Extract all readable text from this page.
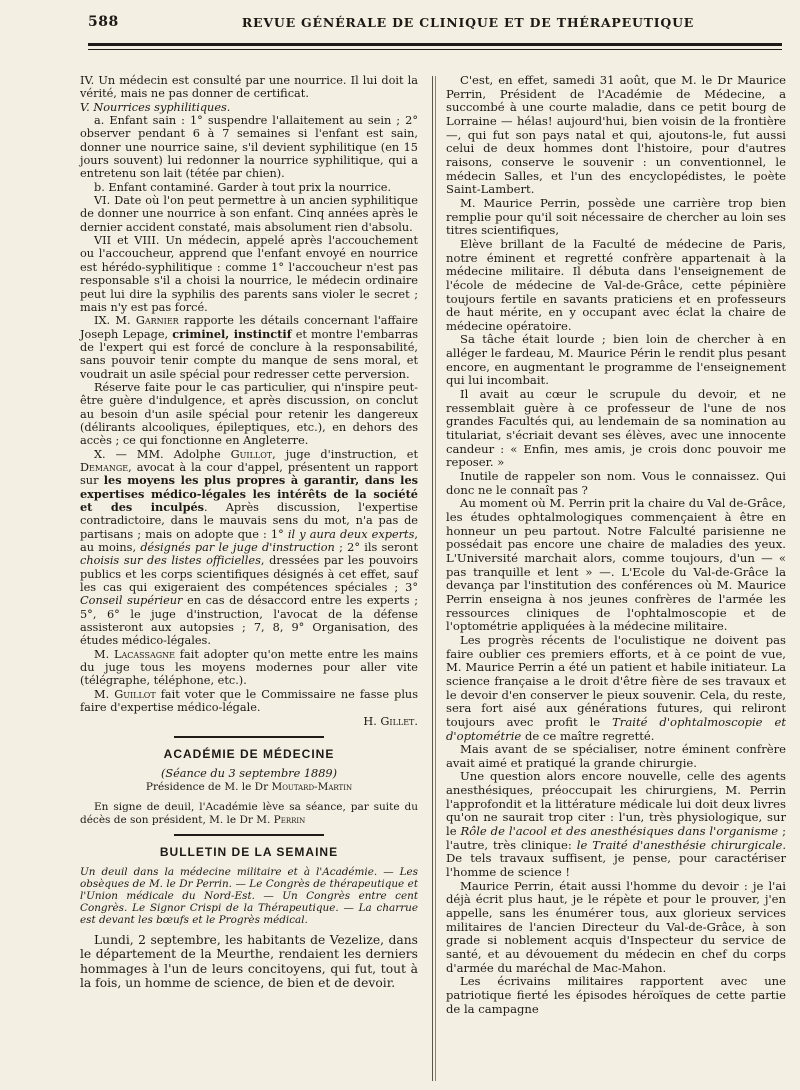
588	REVUE GÉNÉRALE DE CLINIQUE ET DE THÉRAPEUTIQUE

IV. Un médecin est consulté par une nourrice. Il lui doit la vérité, mais ne pas donner de certificat.

V. Nourrices syphilitiques.

a. Enfant sain : 1° suspendre l'allaitement au sein ; 2° observer pendant 6 à 7 semaines si l'enfant est sain, donner une nourrice saine, s'il devient syphilitique (en 15 jours souvent) lui redonner la nourrice syphilitique, qui a entretenu son lait (tétée par chien).

b. Enfant contaminé. Garder à tout prix la nourrice.

VI. Date où l'on peut permettre à un ancien syphilitique de donner une nourrice à son enfant. Cinq années après le dernier accident constaté, mais absolument rien d'absolu.

VII et VIII. Un médecin, appelé après l'accouchement ou l'accoucheur, apprend que l'enfant envoyé en nourrice est hérédo-syphilitique : comme 1° l'accoucheur n'est pas responsable s'il a choisi la nourrice, le médecin ordinaire peut lui dire la syphilis des parents sans violer le secret ; mais n'y est pas forcé.

IX. M. Garnier rapporte les détails concernant l'affaire Joseph Lepage, criminel, instinctif et montre l'embarras de l'expert qui est forcé de conclure à la responsabilité, sans pouvoir tenir compte du manque de sens moral, et voudrait un asile spécial pour redresser cette perversion.

Réserve faite pour le cas particulier, qui n'inspire peut-être guère d'indulgence, et après discussion, on conclut au besoin d'un asile spécial pour retenir les dangereux (délirants alcooliques, épileptiques, etc.), en dehors des accès ; ce qui fonctionne en Angleterre.

X. — MM. Adolphe Guillot, juge d'instruction, et Demange, avocat à la cour d'appel, présentent un rapport sur les moyens les plus propres à garantir, dans les expertises médico-légales les intérêts de la société et des inculpés. Après discussion, l'expertise contradictoire, dans le mauvais sens du mot, n'a pas de partisans ; mais on adopte que : 1° il y aura deux experts, au moins, désignés par le juge d'instruction ; 2° ils seront choisis sur des listes officielles, dressées par les pouvoirs publics et les corps scientifiques désignés à cet effet, sauf les cas qui exigeraient des compétences spéciales ; 3° Conseil supérieur en cas de désaccord entre les experts ; 5°, 6° le juge d'instruction, l'avocat de la défense assisteront aux autopsies ; 7, 8, 9° Organisation, des études médico-légales.

M. Lacassagne fait adopter qu'on mette entre les mains du juge tous les moyens modernes pour aller vite (télégraphe, téléphone, etc.).

M. Guillot fait voter que le Commissaire ne fasse plus faire d'expertise médico-légale.

H. Gillet.

ACADÉMIE DE MÉDECINE

(Séance du 3 septembre 1889)

Présidence de M. le Dr Moutard-Martin

En signe de deuil, l'Académie lève sa séance, par suite du décès de son président, M. le Dr M. Perrin

BULLETIN DE LA SEMAINE

Un deuil dans la médecine militaire et à l'Académie. — Les obsèques de M. le Dr Perrin. — Le Congrès de thérapeutique et l'Union médicale du Nord-Est. — Un Congrès entre cent Congrès. Le Signor Crispi de la Thérapeutique. — La charrue est devant les bœufs et le Progrès médical.

Lundi, 2 septembre, les habitants de Vezelize, dans le département de la Meurthe, rendaient les derniers hommages à l'un de leurs concitoyens, qui fut, tout à la fois, un homme de science, de bien et de devoir.

C'est, en effet, samedi 31 août, que M. le Dr Maurice Perrin, Président de l'Académie de Médecine, a succombé à une courte maladie, dans ce petit bourg de Lorraine — hélas! aujourd'hui, bien voisin de la frontière —, qui fut son pays natal et qui, ajoutons-le, fut aussi celui de deux hommes dont l'histoire, pour d'autres raisons, conserve le souvenir : un conventionnel, le médecin Salles, et l'un des encyclopédistes, le poète Saint-Lambert.

M. Maurice Perrin, possède une carrière trop bien remplie pour qu'il soit nécessaire de chercher au loin ses titres scientifiques,

Elève brillant de la Faculté de médecine de Paris, notre éminent et regretté confrère appartenait à la médecine militaire. Il débuta dans l'enseignement de l'école de médecine de Val-de-Grâce, cette pépinière toujours fertile en savants praticiens et en professeurs de haut mérite, en y occupant avec éclat la chaire de médecine opératoire.

Sa tâche était lourde ; bien loin de chercher à en alléger le fardeau, M. Maurice Périn le rendit plus pesant encore, en augmentant le programme de l'enseignement qui lui incombait.

Il avait au cœur le scrupule du devoir, et ne ressemblait guère à ce professeur de l'une de nos grandes Facultés qui, au lendemain de sa nomination au titulariat, s'écriait devant ses élèves, avec une innocente candeur : « Enfin, mes amis, je crois donc pouvoir me reposer. »

Inutile de rappeler son nom. Vous le connaissez. Qui donc ne le connaît pas ?

Au moment où M. Perrin prit la chaire du Val de-Grâce, les études ophtalmologiques commençaient à être en honneur un peu partout. Notre Falculté parisienne ne possédait pas encore une chaire de maladies des yeux. L'Université marchait alors, comme toujours, d'un — « pas tranquille et lent » —. L'Ecole du Val-de-Grâce la devança par l'institution des conférences où M. Maurice Perrin enseigna à nos jeunes confrères de l'armée les ressources cliniques de l'ophtalmoscopie et de l'optométrie appliquées à la médecine militaire.

Les progrès récents de l'oculistique ne doivent pas faire oublier ces premiers efforts, et à ce point de vue, M. Maurice Perrin a été un patient et habile initiateur. La science française a le droit d'être fière de ses travaux et le devoir d'en conserver le pieux souvenir. Cela, du reste, sera fort aisé aux générations futures, qui reliront toujours avec profit le Traité d'ophtalmoscopie et d'optométrie de ce maître regretté.

Mais avant de se spécialiser, notre éminent confrère avait aimé et pratiqué la grande chirurgie.

Une question alors encore nouvelle, celle des agents anesthésiques, préoccupait les chirurgiens, M. Perrin l'approfondit et la littérature médicale lui doit deux livres qu'on ne saurait trop citer : l'un, très physiologique, sur le Rôle de l'acool et des anesthésiques dans l'organisme ; l'autre, très clinique: le Traité d'anesthésie chirurgicale. De tels travaux suffisent, je pense, pour caractériser l'homme de science !

Maurice Perrin, était aussi l'homme du devoir : je l'ai déjà écrit plus haut, je le répète et pour le prouver, j'en appelle, sans les énumérer tous, aux glorieux services militaires de l'ancien Directeur du Val-de-Grâce, à son grade si noblement acquis d'Inspecteur du service de santé, et au dévouement du médecin en chef du corps d'armée du maréchal de Mac-Mahon.

Les écrivains militaires rapportent avec une patriotique fierté les épisodes héroïques de cette partie de la campagne
